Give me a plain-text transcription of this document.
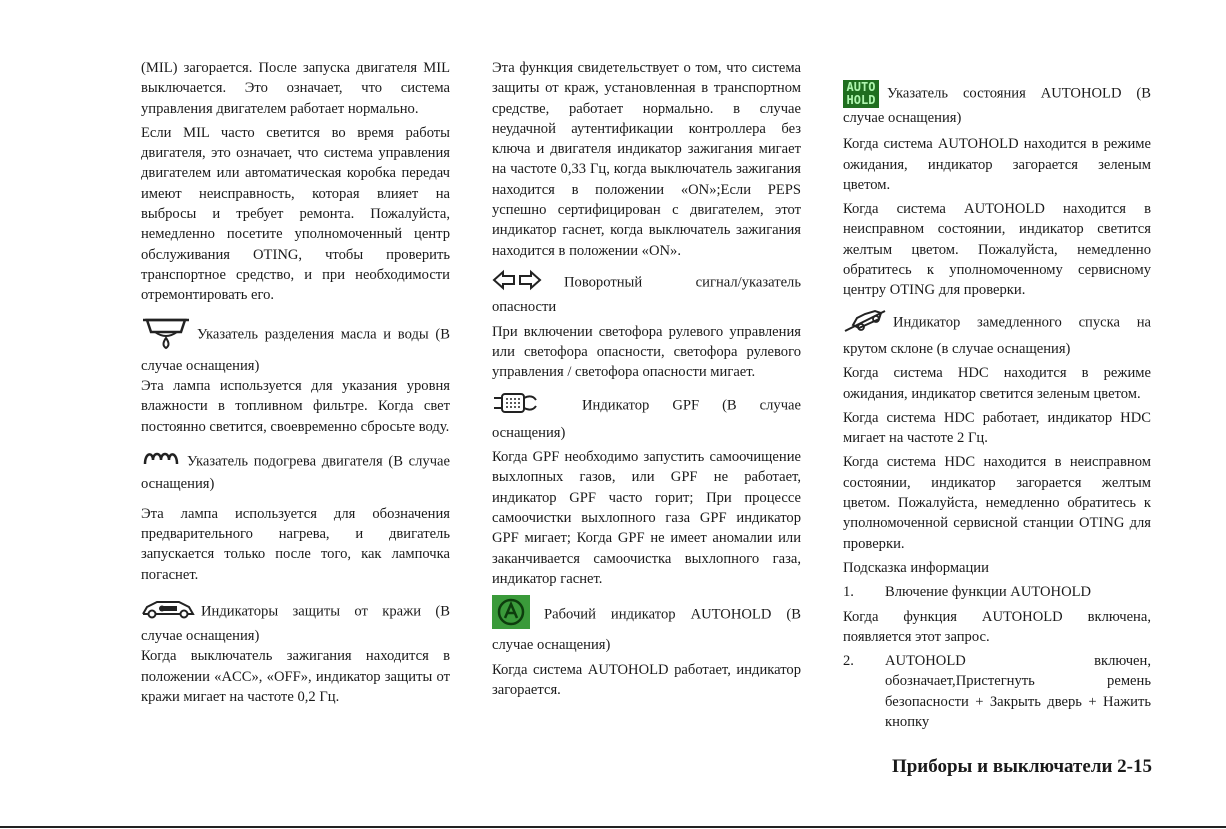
(MIL) загорается. После запуска двигателя MIL выключается. Это означает, что система управления двигателем работает нормально.

Если MIL часто светится во время работы двигателя, это означает, что система управления двигателем или автоматическая коробка передач имеют неисправность, которая влияет на выбросы и требует ремонта. Пожалуйста, немедленно посетите уполномоченный центр обслуживания OTING, чтобы проверить транспортное средство, и при необходимости отремонтировать его.

Указатель разделения масла и воды (В случае оснащения)

Эта лампа используется для указания уровня влажности в топливном фильтре. Когда свет постоянно светится, своевременно сбросьте воду.

Указатель подогрева двигателя (В случае оснащения)

Эта лампа используется для обозначения предварительного нагрева, и двигатель запускается только после того, как лампочка погаснет.

Индикаторы защиты от кражи (В случае оснащения)

Когда выключатель зажигания находится в положении «ACC», «OFF», индикатор защиты от кражи мигает на частоте 0,2 Гц.

Эта функция свидетельствует о том, что система защиты от краж, установленная в транспортном средстве, работает нормально. в случае неудачной аутентификации контроллера без ключа и двигателя индикатор зажигания мигает на частоте 0,33 Гц, когда выключатель зажигания находится в положении «ON»;Если PEPS успешно сертифицирован с двигателем, этот индикатор гаснет, когда выключатель зажигания находится в положении «ON».

Поворотный сигнал/указатель опасности

При включении светофора рулевого управления или светофора опасности, светофора рулевого управления / светофора опасности мигает.

Индикатор GPF (В случае оснащения)

Когда GPF необходимо запустить самоочищение выхлопных газов, или GPF не работает, индикатор GPF часто горит; При процессе самоочистки выхлопного газа GPF индикатор GPF мигает; Когда GPF не имеет аномалии или заканчивается самоочистка выхлопного газа, индикатор гаснет.

Рабочий индикатор AUTOHOLD (В случае оснащения)

Когда система AUTOHOLD работает, индикатор загорается.

AUTO
HOLD Указатель состояния AUTOHOLD (В случае оснащения)

Когда система AUTOHOLD находится в режиме ожидания, индикатор загорается зеленым цветом.

Когда система AUTOHOLD находится в неисправном состоянии, индикатор светится желтым цветом. Пожалуйста, немедленно обратитесь к уполномоченному сервисному центру OTING для проверки.

Индикатор замедленного спуска на крутом склоне (в случае оснащения)

Когда система HDC находится в режиме ожидания, индикатор светится зеленым цветом.

Когда система HDC работает, индикатор HDC мигает на частоте 2 Гц.

Когда система HDC находится в неисправном состоянии, индикатор загорается желтым цветом. Пожалуйста, немедленно обратитесь к уполномоченной сервисной станции OTING для проверки.

Подсказка информации

1.	Влючение функции AUTOHOLD

Когда функция AUTOHOLD включена, появляется этот запрос.

2.	AUTOHOLD включен, обозначает,Пристегнуть ремень безопасности + Закрыть дверь + Нажить кнопку
Приборы и выключатели 2-15
